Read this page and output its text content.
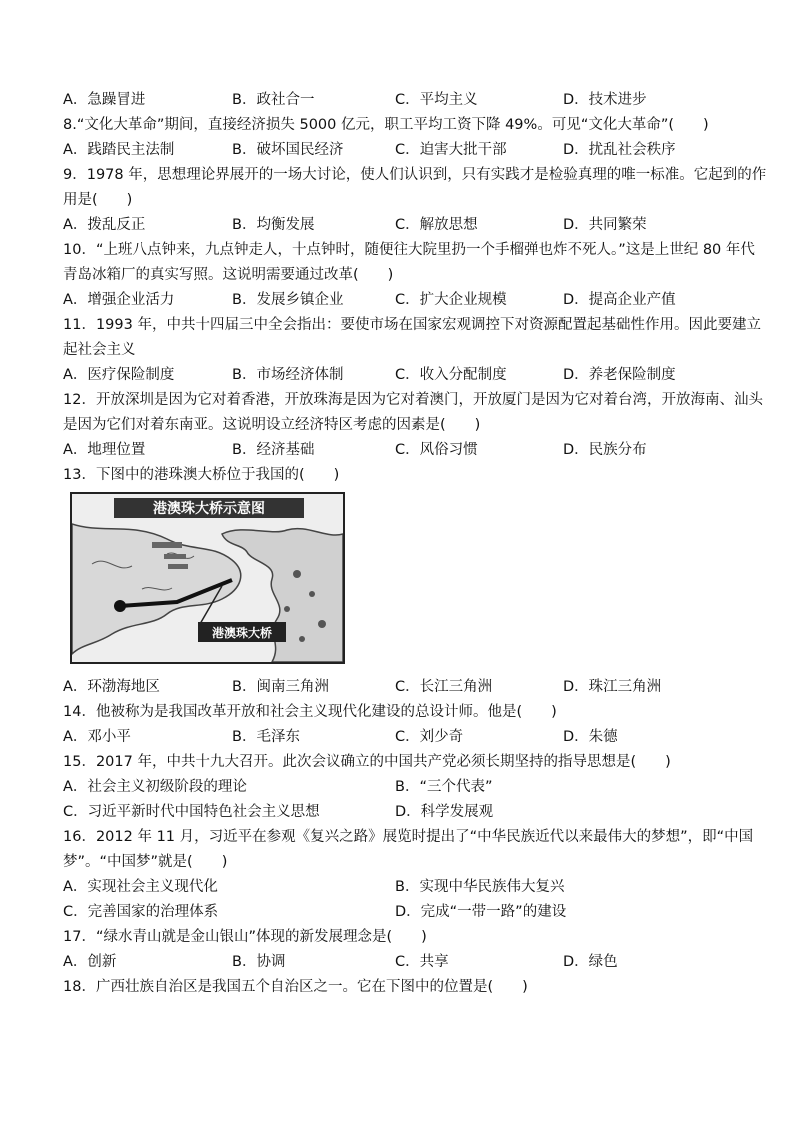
A．急躁冒进	B．政社合一	C．平均主义	D．技术进步
8.“文化大革命”期间，直接经济损失 5000 亿元，职工平均工资下降 49%。可见“文化大革命”(　　)
A．践踏民主法制	B．破坏国民经济	C．迫害大批干部	D．扰乱社会秩序
9．1978 年，思想理论界展开的一场大讨论，使人们认识到，只有实践才是检验真理的唯一标准。它起到的作
用是(　　)
A．拨乱反正	B．均衡发展	C．解放思想	D．共同繁荣
10．“上班八点钟来，九点钟走人，十点钟时，随便往大院里扔一个手榴弹也炸不死人。”这是上世纪 80 年代
青岛冰箱厂的真实写照。这说明需要通过改革(　　)
A．增强企业活力	B．发展乡镇企业	C．扩大企业规模	D．提高企业产值
11．1993 年，中共十四届三中全会指出：要使市场在国家宏观调控下对资源配置起基础性作用。因此要建立
起社会主义
A．医疗保险制度	B．市场经济体制	C．收入分配制度	D．养老保险制度
12．开放深圳是因为它对着香港，开放珠海是因为它对着澳门，开放厦门是因为它对着台湾，开放海南、汕头
是因为它们对着东南亚。这说明设立经济特区考虑的因素是(　　)
A．地理位置	B．经济基础	C．风俗习惯	D．民族分布
13．下图中的港珠澳大桥位于我国的(　　)
港澳珠大桥示意图
港澳珠大桥
A．环渤海地区	B．闽南三角洲	C．长江三角洲	D．珠江三角洲
14．他被称为是我国改革开放和社会主义现代化建设的总设计师。他是(　　)
A．邓小平	B．毛泽东	C．刘少奇	D．朱德
15．2017 年，中共十九大召开。此次会议确立的中国共产党必须长期坚持的指导思想是(　　)
A．社会主义初级阶段的理论	B．“三个代表”
C．习近平新时代中国特色社会主义思想	D．科学发展观
16．2012 年 11 月，习近平在参观《复兴之路》展览时提出了“中华民族近代以来最伟大的梦想”，即“中国
梦”。“中国梦”就是(　　)
A．实现社会主义现代化	B．实现中华民族伟大复兴
C．完善国家的治理体系	D．完成“一带一路”的建设
17．“绿水青山就是金山银山”体现的新发展理念是(　　)
A．创新	B．协调	C．共享	D．绿色
18．广西壮族自治区是我国五个自治区之一。它在下图中的位置是(　　)
